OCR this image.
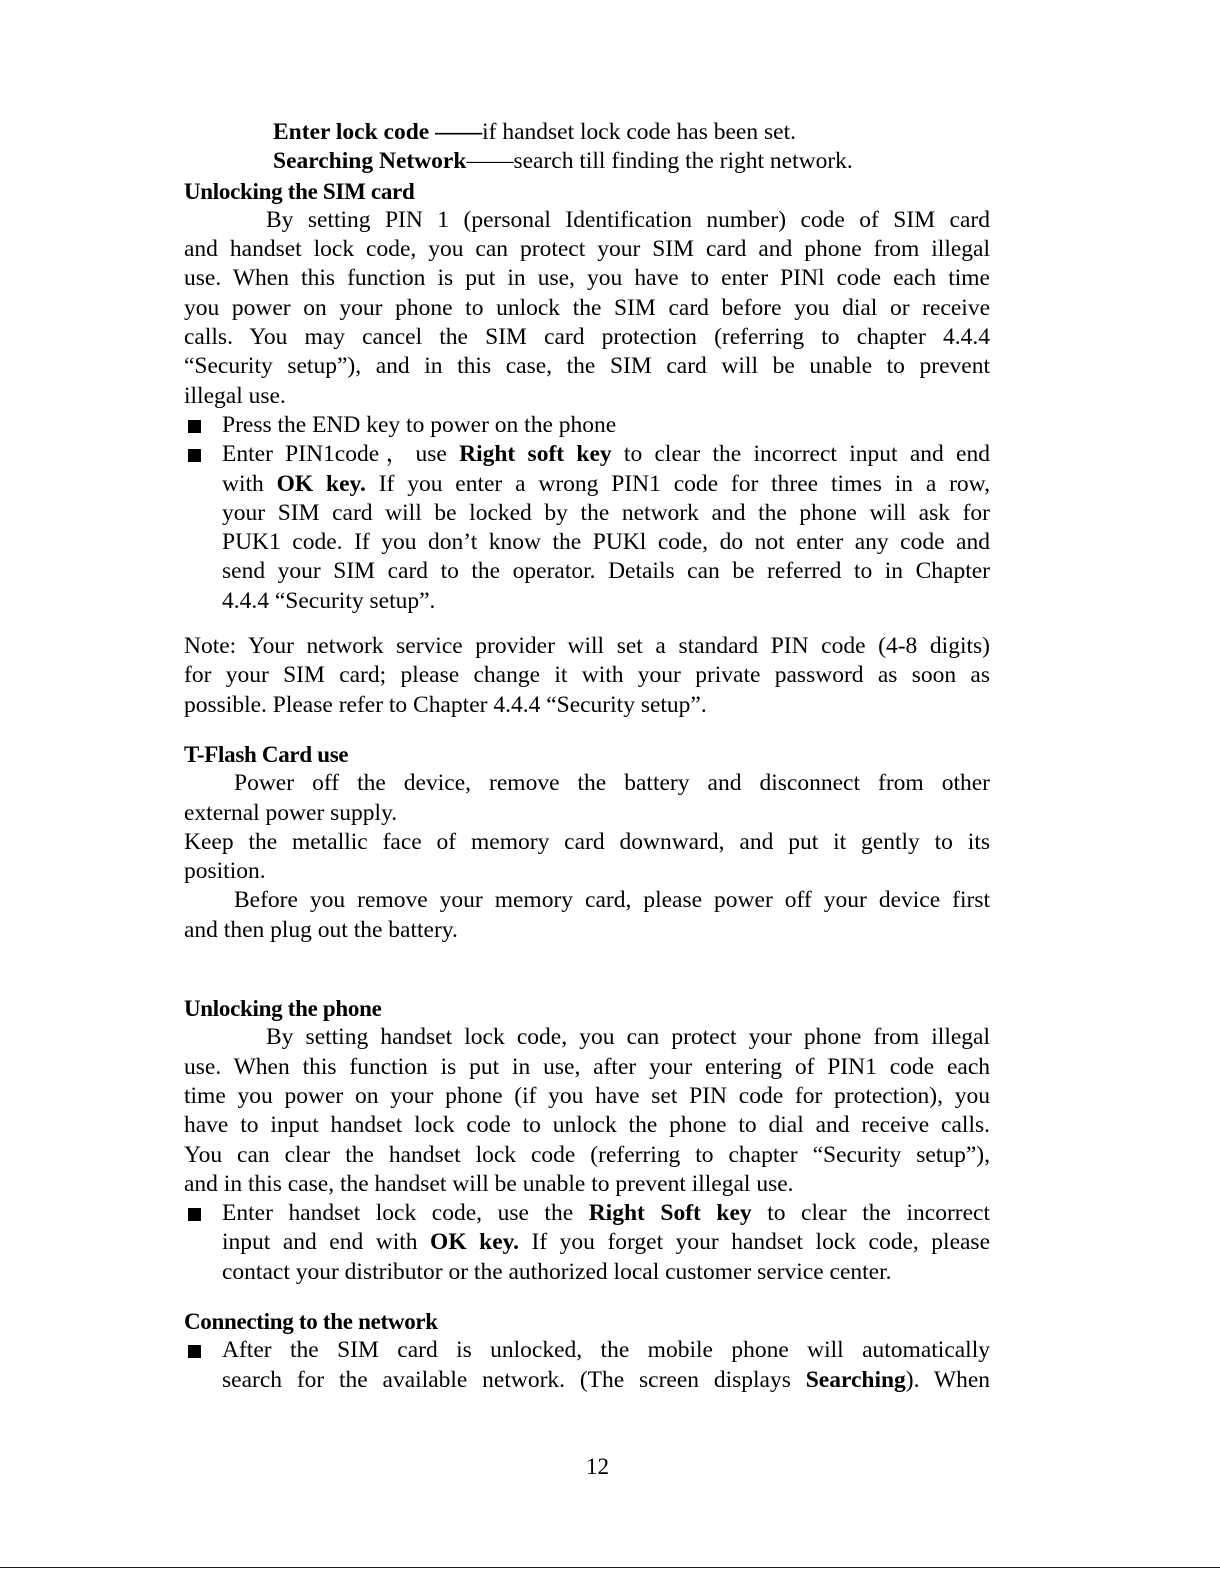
Enter lock code ——if handset lock code has been set.

Searching Network——search till finding the right network.

Unlocking the SIM card

By setting PIN 1 (personal Identification number) code of SIM card

and handset lock code, you can protect your SIM card and phone from illegal

use. When this function is put in use, you have to enter PINl code each time

you power on your phone to unlock the SIM card before you dial or receive

calls. You may cancel the SIM card protection (referring to chapter 4.4.4

“Security setup”), and in this case, the SIM card will be unable to prevent

illegal use.

Press the END key to power on the phone

Enter PIN1code，use Right soft key to clear the incorrect input and end

with OK key. If you enter a wrong PIN1 code for three times in a row,

your SIM card will be locked by the network and the phone will ask for

PUK1 code. If you don’t know the PUKl code, do not enter any code and

send your SIM card to the operator. Details can be referred to in Chapter

4.4.4 “Security setup”.

Note: Your network service provider will set a standard PIN code (4-8 digits)

for your SIM card; please change it with your private password as soon as

possible. Please refer to Chapter 4.4.4 “Security setup”.

T-Flash Card use

Power off the device, remove the battery and disconnect from other

external power supply.

Keep the metallic face of memory card downward, and put it gently to its

position.

Before you remove your memory card, please power off your device first

and then plug out the battery.

Unlocking the phone

By setting handset lock code, you can protect your phone from illegal

use. When this function is put in use, after your entering of PIN1 code each

time you power on your phone (if you have set PIN code for protection), you

have to input handset lock code to unlock the phone to dial and receive calls.

You can clear the handset lock code (referring to chapter “Security setup”),

and in this case, the handset will be unable to prevent illegal use.

Enter handset lock code, use the Right Soft key to clear the incorrect

input and end with OK key. If you forget your handset lock code, please

contact your distributor or the authorized local customer service center.

Connecting to the network

After the SIM card is unlocked, the mobile phone will automatically

search for the available network. (The screen displays Searching). When

12
